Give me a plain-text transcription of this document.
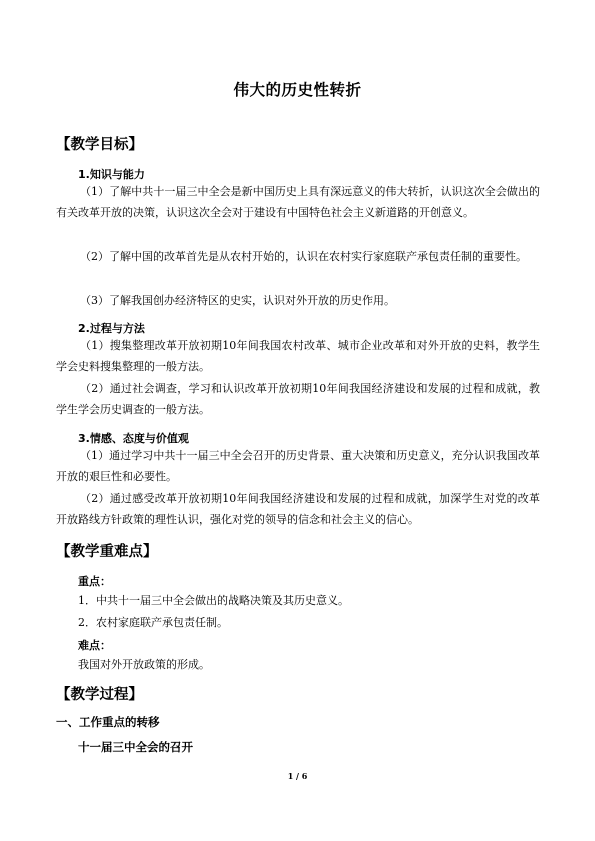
伟大的历史性转折
【教学目标】
1.知识与能力

（1）了解中共十一届三中全会是新中国历史上具有深远意义的伟大转折，认识这次全会做出的有关改革开放的决策，认识这次全会对于建设有中国特色社会主义新道路的开创意义。

（2）了解中国的改革首先是从农村开始的，认识在农村实行家庭联产承包责任制的重要性。

（3）了解我国创办经济特区的史实，认识对外开放的历史作用。

2.过程与方法

（1）搜集整理改革开放初期10年间我国农村改革、城市企业改革和对外开放的史料，教学生学会史料搜集整理的一般方法。

（2）通过社会调查，学习和认识改革开放初期10年间我国经济建设和发展的过程和成就，教学生学会历史调查的一般方法。

3.情感、态度与价值观

（1）通过学习中共十一届三中全会召开的历史背景、重大决策和历史意义，充分认识我国改革开放的艰巨性和必要性。

（2）通过感受改革开放初期10年间我国经济建设和发展的过程和成就，加深学生对党的改革开放路线方针政策的理性认识，强化对党的领导的信念和社会主义的信心。

【教学重难点】
重点：
1．中共十一届三中全会做出的战略决策及其历史意义。
2．农村家庭联产承包责任制。
难点：
我国对外开放政策的形成。
【教学过程】
一、工作重点的转移
十一届三中全会的召开
1 / 6
